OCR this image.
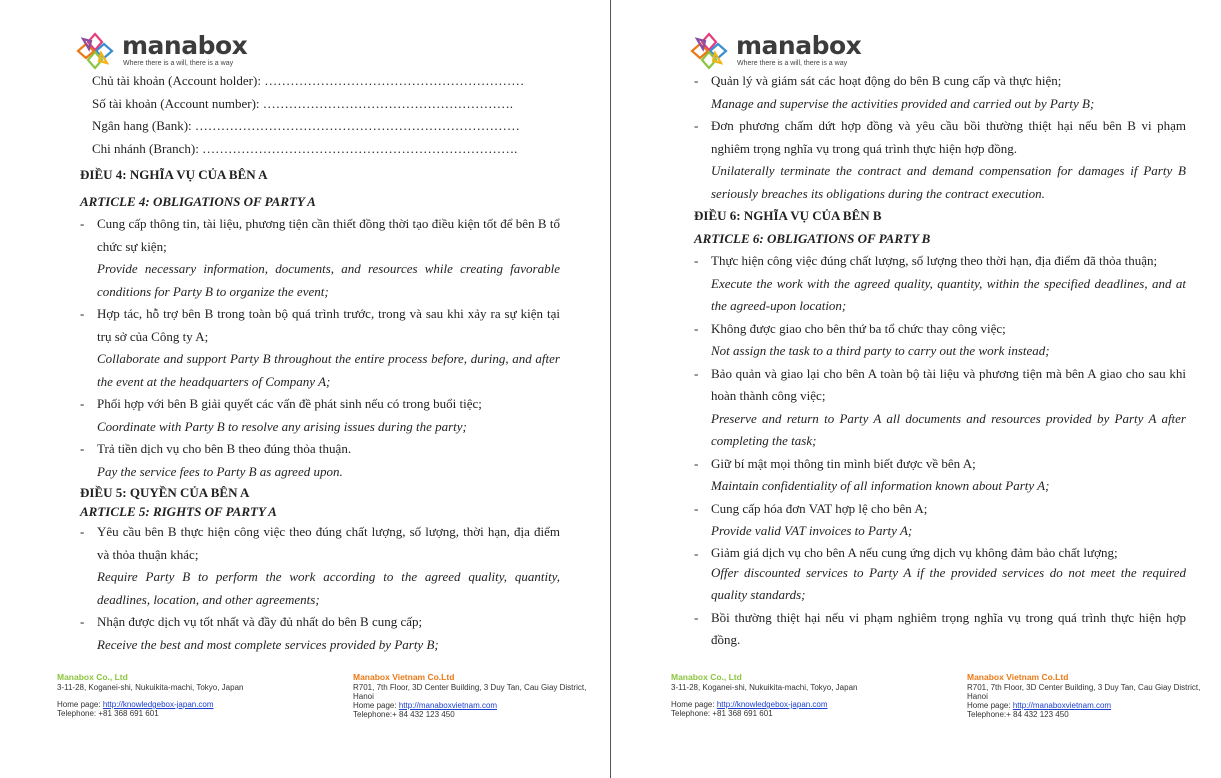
manabox
Where there is a will, there is a way
Chủ tài khoản (Account holder): ……………………………………………………
Số tài khoản (Account number): ………………………………………………….
Ngân hang (Bank): …………………………………………………………………
Chi nhánh (Branch): ……………………………………………………………….
ĐIỀU 4: NGHĨA VỤ CỦA BÊN A
ARTICLE 4: OBLIGATIONS OF PARTY A
- Cung cấp thông tin, tài liệu, phương tiện cần thiết đồng thời tạo điều kiện tốt để bên B tổ chức sự kiện;
Provide necessary information, documents, and resources while creating favorable conditions for Party B to organize the event;
- Hợp tác, hỗ trợ bên B trong toàn bộ quá trình trước, trong và sau khi xảy ra sự kiện tại trụ sở của Công ty A;
Collaborate and support Party B throughout the entire process before, during, and after the event at the headquarters of Company A;
- Phối hợp với bên B giải quyết các vấn đề phát sinh nếu có trong buổi tiệc;
Coordinate with Party B to resolve any arising issues during the party;
- Trả tiền dịch vụ cho bên B theo đúng thỏa thuận.
Pay the service fees to Party B as agreed upon.
ĐIỀU 5: QUYỀN CỦA BÊN A
ARTICLE 5: RIGHTS OF PARTY A
- Yêu cầu bên B thực hiện công việc theo đúng chất lượng, số lượng, thời hạn, địa điểm và thỏa thuận khác;
Require Party B to perform the work according to the agreed quality, quantity, deadlines, location, and other agreements;
- Nhận được dịch vụ tốt nhất và đầy đủ nhất do bên B cung cấp;
Receive the best and most complete services provided by Party B;
Manabox Co., Ltd
3-11-28, Koganei-shi, Nukuikita-machi, Tokyo, Japan
Home page: http://knowledgebox-japan.com
Telephone: +81 368 691 601
Manabox Vietnam Co.Ltd
R701, 7th Floor, 3D Center Building, 3 Duy Tan, Cau Giay District, Hanoi
Home page: http://manaboxvietnam.com
Telephone:+ 84 432 123 450
manabox
Where there is a will, there is a way
- Quản lý và giám sát các hoạt động do bên B cung cấp và thực hiện;
Manage and supervise the activities provided and carried out by Party B;
- Đơn phương chấm dứt hợp đồng và yêu cầu bồi thường thiệt hại nếu bên B vi phạm nghiêm trọng nghĩa vụ trong quá trình thực hiện hợp đồng.
Unilaterally terminate the contract and demand compensation for damages if Party B seriously breaches its obligations during the contract execution.
ĐIỀU 6: NGHĨA VỤ CỦA BÊN B
ARTICLE 6: OBLIGATIONS OF PARTY B
- Thực hiện công việc đúng chất lượng, số lượng theo thời hạn, địa điểm đã thỏa thuận;
Execute the work with the agreed quality, quantity, within the specified deadlines, and at the agreed-upon location;
- Không được giao cho bên thứ ba tổ chức thay công việc;
Not assign the task to a third party to carry out the work instead;
- Bảo quản và giao lại cho bên A toàn bộ tài liệu và phương tiện mà bên A giao cho sau khi hoàn thành công việc;
Preserve and return to Party A all documents and resources provided by Party A after completing the task;
- Giữ bí mật mọi thông tin mình biết được về bên A;
Maintain confidentiality of all information known about Party A;
- Cung cấp hóa đơn VAT hợp lệ cho bên A;
Provide valid VAT invoices to Party A;
- Giảm giá dịch vụ cho bên A nếu cung ứng dịch vụ không đảm bảo chất lượng;
Offer discounted services to Party A if the provided services do not meet the required quality standards;
- Bồi thường thiệt hại nếu vi phạm nghiêm trọng nghĩa vụ trong quá trình thực hiện hợp đồng.
Manabox Co., Ltd
3-11-28, Koganei-shi, Nukuikita-machi, Tokyo, Japan
Home page: http://knowledgebox-japan.com
Telephone: +81 368 691 601
Manabox Vietnam Co.Ltd
R701, 7th Floor, 3D Center Building, 3 Duy Tan, Cau Giay District, Hanoi
Home page: http://manaboxvietnam.com
Telephone:+ 84 432 123 450
